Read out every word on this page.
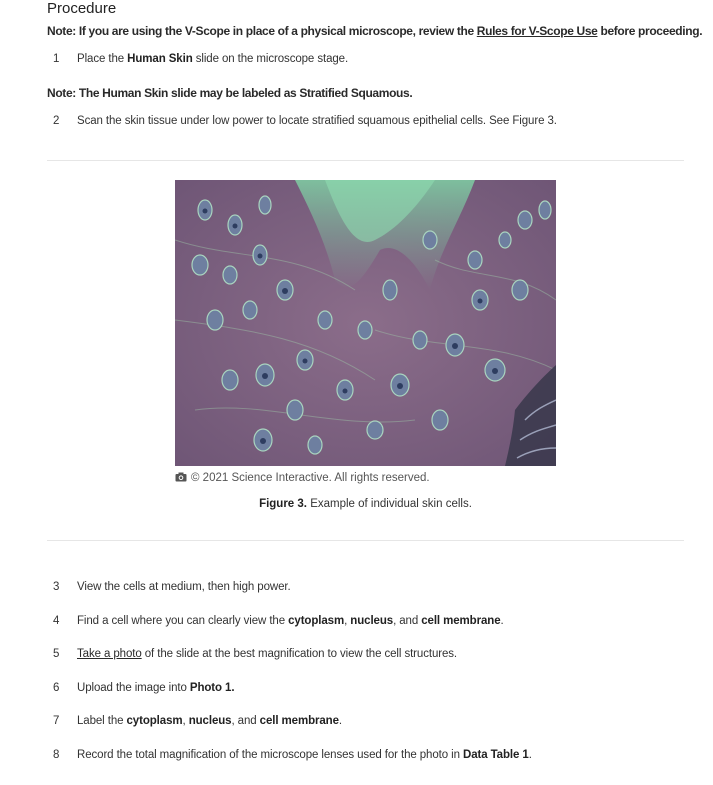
Procedure
Note: If you are using the V-Scope in place of a physical microscope, review the Rules for V-Scope Use before proceeding.
1 Place the Human Skin slide on the microscope stage.
Note: The Human Skin slide may be labeled as Stratified Squamous.
2 Scan the skin tissue under low power to locate stratified squamous epithelial cells. See Figure 3.
© 2021 Science Interactive. All rights reserved.
Figure 3. Example of individual skin cells.
3 View the cells at medium, then high power.
4 Find a cell where you can clearly view the cytoplasm, nucleus, and cell membrane.
5 Take a photo of the slide at the best magnification to view the cell structures.
6 Upload the image into Photo 1.
7 Label the cytoplasm, nucleus, and cell membrane.
8 Record the total magnification of the microscope lenses used for the photo in Data Table 1.
